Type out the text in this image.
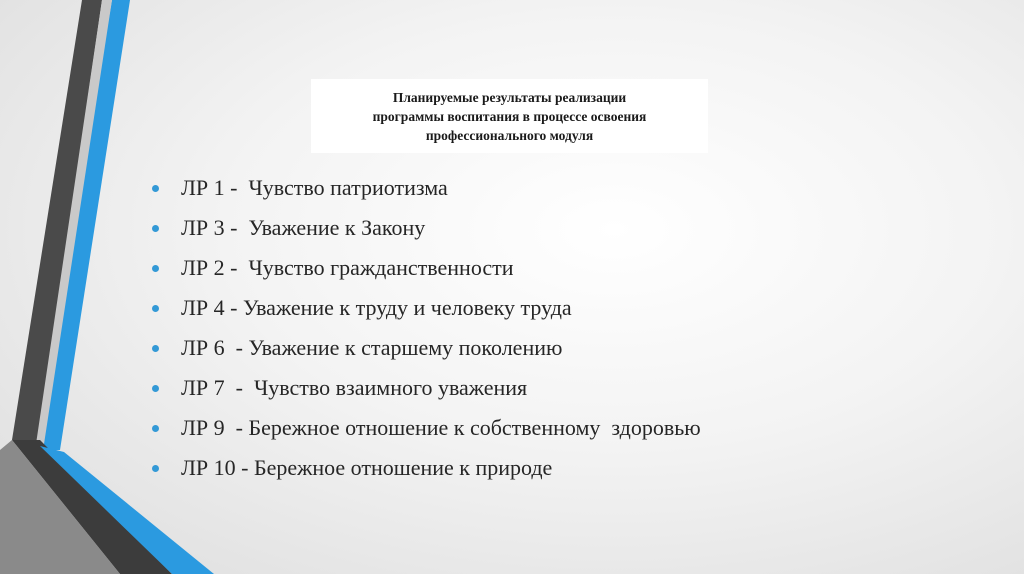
Планируемые результаты реализации
программы воспитания в процессе освоения
профессионального модуля
ЛР 1 -  Чувство патриотизма
ЛР 3 -  Уважение к Закону
ЛР 2 -  Чувство гражданственности
ЛР 4 - Уважение к труду и человеку труда
ЛР 6  - Уважение к старшему поколению
ЛР 7  -  Чувство взаимного уважения
ЛР 9  - Бережное отношение к собственному  здоровью
ЛР 10 - Бережное отношение к природе
